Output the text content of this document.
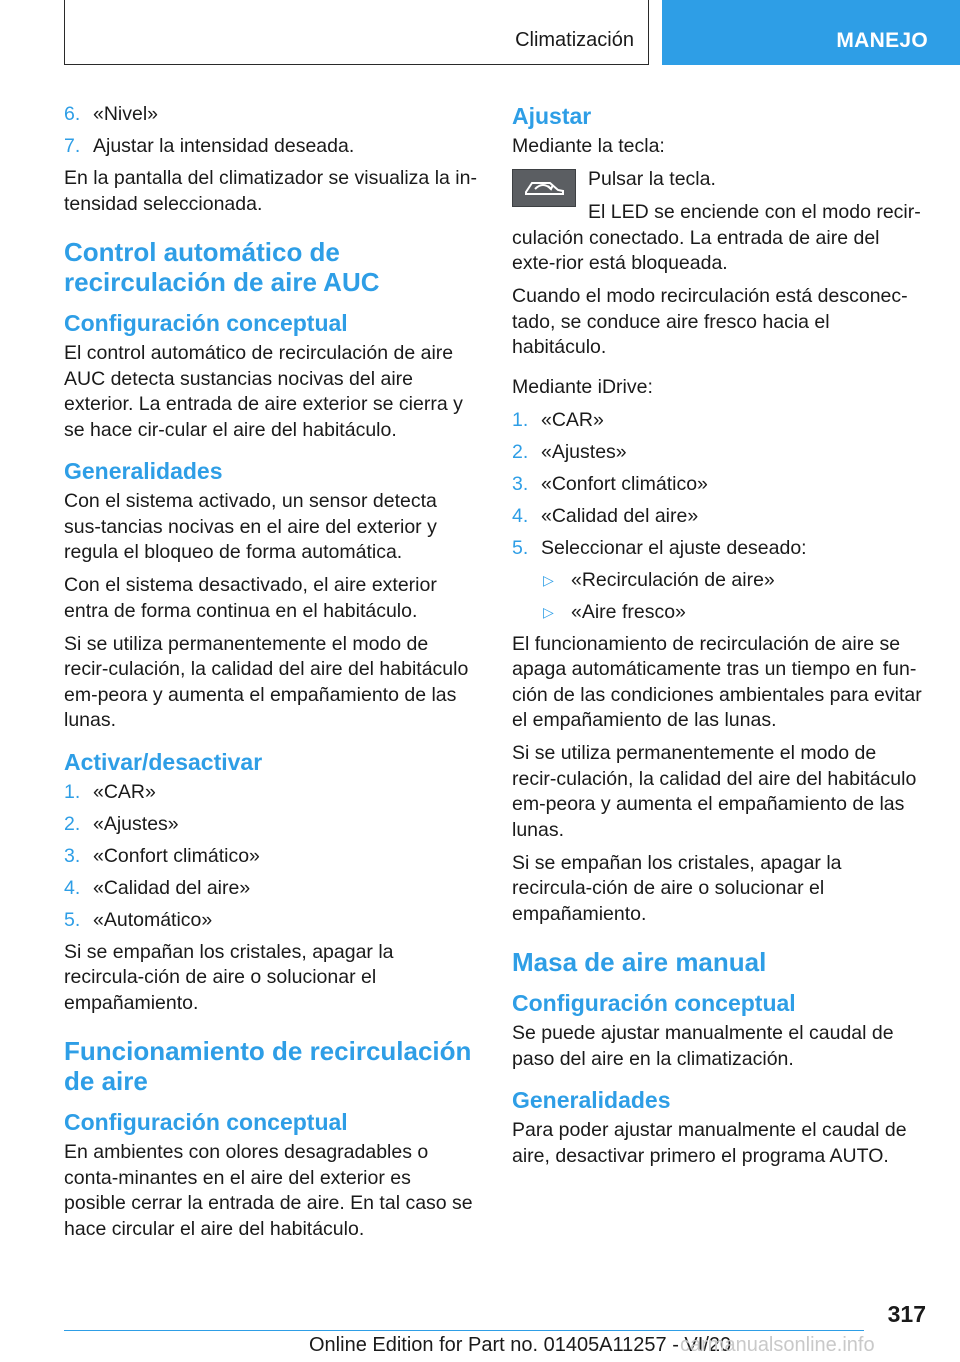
Climatización	MANEJO
6. «Nivel»
7. Ajustar la intensidad deseada.

En la pantalla del climatizador se visualiza la in-tensidad seleccionada.

Control automático de recirculación de aire AUC
Configuración conceptual

El control automático de recirculación de aire AUC detecta sustancias nocivas del aire exterior. La entrada de aire exterior se cierra y se hace cir-cular el aire del habitáculo.

Generalidades

Con el sistema activado, un sensor detecta sus-tancias nocivas en el aire del exterior y regula el bloqueo de forma automática.

Con el sistema desactivado, el aire exterior entra de forma continua en el habitáculo.

Si se utiliza permanentemente el modo de recir-culación, la calidad del aire del habitáculo em-peora y aumenta el empañamiento de las lunas.

Activar/desactivar
1. «CAR»
2. «Ajustes»
3. «Confort climático»
4. «Calidad del aire»
5. «Automático»

Si se empañan los cristales, apagar la recircula-ción de aire o solucionar el empañamiento.

Funcionamiento de recirculación de aire
Configuración conceptual

En ambientes con olores desagradables o conta-minantes en el aire del exterior es posible cerrar la entrada de aire. En tal caso se hace circular el aire del habitáculo.

Ajustar

Mediante la tecla:

Pulsar la tecla.

El LED se enciende con el modo recir-culación conectado. La entrada de aire del exte-rior está bloqueada.

Cuando el modo recirculación está desconec-tado, se conduce aire fresco hacia el habitáculo.

Mediante iDrive:

1. «CAR»
2. «Ajustes»
3. «Confort climático»
4. «Calidad del aire»
5. Seleccionar el ajuste deseado:
▷ «Recirculación de aire»
▷ «Aire fresco»

El funcionamiento de recirculación de aire se apaga automáticamente tras un tiempo en fun-ción de las condiciones ambientales para evitar el empañamiento de las lunas.

Si se utiliza permanentemente el modo de recir-culación, la calidad del aire del habitáculo em-peora y aumenta el empañamiento de las lunas.

Si se empañan los cristales, apagar la recircula-ción de aire o solucionar el empañamiento.

Masa de aire manual
Configuración conceptual

Se puede ajustar manualmente el caudal de paso del aire en la climatización.

Generalidades

Para poder ajustar manualmente el caudal de aire, desactivar primero el programa AUTO.

317
Online Edition for Part no. 01405A11257 - VI/20
carmanualsonline.info
